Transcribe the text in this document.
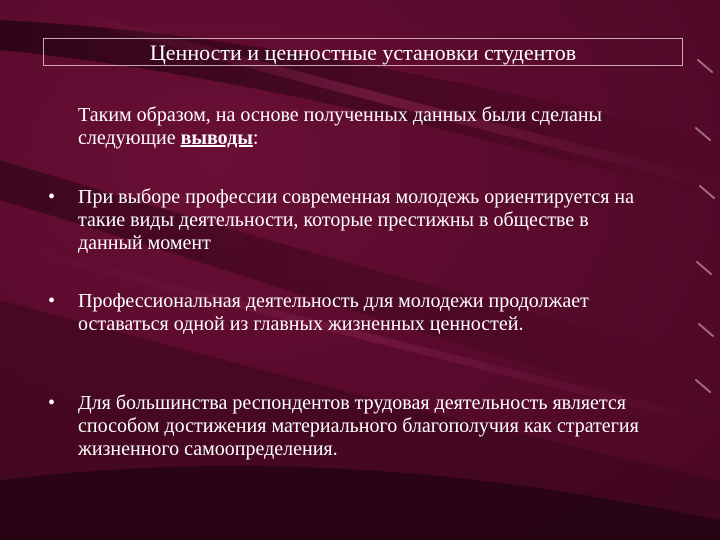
Ценности и ценностные установки студентов
Таким образом, на основе полученных данных были сделаны следующие выводы:
• При выборе профессии современная молодежь ориентируется на такие виды деятельности, которые престижны в обществе в данный момент
• Профессиональная деятельность для молодежи продолжает оставаться одной из главных жизненных ценностей.
• Для большинства респондентов трудовая деятельность является способом достижения материального благополучия как стратегия жизненного самоопределения.
